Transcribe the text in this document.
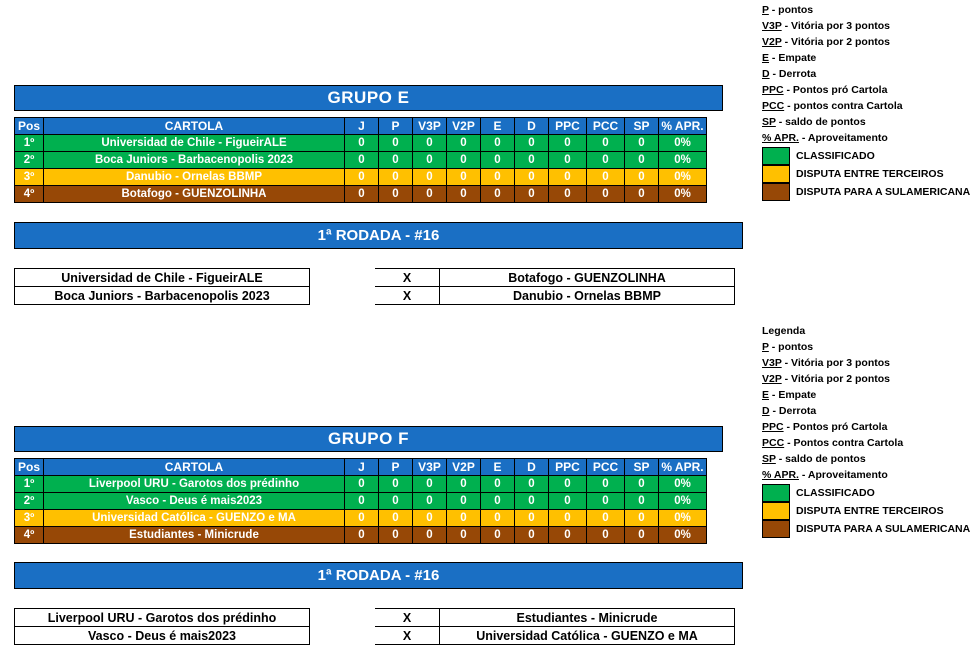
GRUPO E
Pos	CARTOLA	J	P	V3P	V2P	E	D	PPC	PCC	SP	% APR.
1º	Universidad de Chile - FigueirALE	0	0	0	0	0	0	0	0	0	0%
2º	Boca Juniors - Barbacenopolis 2023	0	0	0	0	0	0	0	0	0	0%
3º	Danubio - Ornelas BBMP	0	0	0	0	0	0	0	0	0	0%
4º	Botafogo - GUENZOLINHA	0	0	0	0	0	0	0	0	0	0%
1ª RODADA - #16
Universidad de Chile - FigueirALE		X	Botafogo - GUENZOLINHA
Boca Juniors - Barbacenopolis 2023		X	Danubio - Ornelas BBMP
GRUPO F
Pos	CARTOLA	J	P	V3P	V2P	E	D	PPC	PCC	SP	% APR.
1º	Liverpool URU - Garotos dos prédinho	0	0	0	0	0	0	0	0	0	0%
2º	Vasco - Deus é mais2023	0	0	0	0	0	0	0	0	0	0%
3º	Universidad Católica - GUENZO e MA	0	0	0	0	0	0	0	0	0	0%
4º	Estudiantes - Minicrude	0	0	0	0	0	0	0	0	0	0%
1ª RODADA - #16
Liverpool URU - Garotos dos prédinho		X	Estudiantes - Minicrude
Vasco - Deus é mais2023		X	Universidad Católica - GUENZO e MA
P - pontos
V3P - Vitória por 3 pontos
V2P - Vitória por 2 pontos
E - Empate
D - Derrota
PPC - Pontos pró Cartola
PCC - pontos contra Cartola
SP - saldo de pontos
% APR. - Aproveitamento
CLASSIFICADO
DISPUTA ENTRE TERCEIROS
DISPUTA PARA A SULAMERICANA
Legenda
P - pontos
V3P - Vitória por 3 pontos
V2P - Vitória por 2 pontos
E - Empate
D - Derrota
PPC - Pontos pró Cartola
PCC - Pontos contra Cartola
SP - saldo de pontos
% APR. - Aproveitamento
CLASSIFICADO
DISPUTA ENTRE TERCEIROS
DISPUTA PARA A SULAMERICANA
